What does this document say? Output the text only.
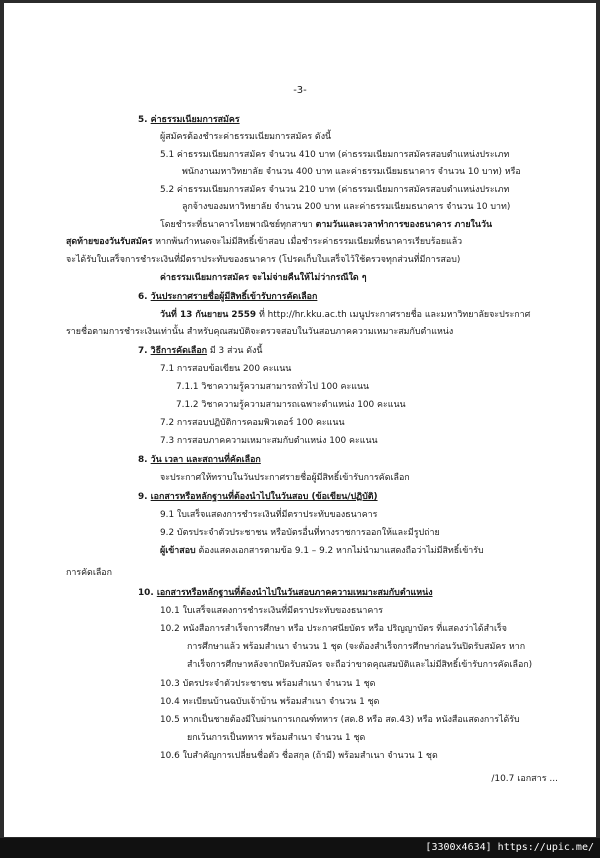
-3-
5. ค่าธรรมเนียมการสมัคร
ผู้สมัครต้องชำระค่าธรรมเนียมการสมัคร ดังนี้
5.1 ค่าธรรมเนียมการสมัคร จำนวน 410 บาท (ค่าธรรมเนียมการสมัครสอบตำแหน่งประเภท
พนักงานมหาวิทยาลัย จำนวน 400 บาท และค่าธรรมเนียมธนาคาร จำนวน 10 บาท) หรือ
5.2 ค่าธรรมเนียมการสมัคร จำนวน 210 บาท (ค่าธรรมเนียมการสมัครสอบตำแหน่งประเภท
ลูกจ้างของมหาวิทยาลัย จำนวน 200 บาท และค่าธรรมเนียมธนาคาร จำนวน 10 บาท)
โดยชำระที่ธนาคารไทยพาณิชย์ทุกสาขา ตามวันและเวลาทำการของธนาคาร ภายในวัน
สุดท้ายของวันรับสมัคร หากพ้นกำหนดจะไม่มีสิทธิ์เข้าสอบ เมื่อชำระค่าธรรมเนียมที่ธนาคารเรียบร้อยแล้ว
จะได้รับใบเสร็จการชำระเงินที่มีตราประทับของธนาคาร (โปรดเก็บใบเสร็จไว้ใช้ตรวจทุกส่วนที่มีการสอบ)
ค่าธรรมเนียมการสมัคร จะไม่จ่ายคืนให้ไม่ว่ากรณีใด ๆ
6. วันประกาศรายชื่อผู้มีสิทธิ์เข้ารับการคัดเลือก
วันที่ 13 กันยายน 2559 ที่ http://hr.kku.ac.th เมนูประกาศรายชื่อ และมหาวิทยาลัยจะประกาศ
รายชื่อตามการชำระเงินเท่านั้น สำหรับคุณสมบัติจะตรวจสอบในวันสอบภาคความเหมาะสมกับตำแหน่ง
7. วิธีการคัดเลือก มี 3 ส่วน ดังนี้
7.1 การสอบข้อเขียน 200 คะแนน
7.1.1 วิชาความรู้ความสามารถทั่วไป 100 คะแนน
7.1.2 วิชาความรู้ความสามารถเฉพาะตำแหน่ง 100 คะแนน
7.2 การสอบปฏิบัติการคอมพิวเตอร์ 100 คะแนน
7.3 การสอบภาคความเหมาะสมกับตำแหน่ง 100 คะแนน
8. วัน เวลา และสถานที่คัดเลือก
จะประกาศให้ทราบในวันประกาศรายชื่อผู้มีสิทธิ์เข้ารับการคัดเลือก
9. เอกสารหรือหลักฐานที่ต้องนำไปในวันสอบ (ข้อเขียน/ปฏิบัติ)
9.1 ใบเสร็จแสดงการชำระเงินที่มีตราประทับของธนาคาร
9.2 บัตรประจำตัวประชาชน หรือบัตรอื่นที่ทางราชการออกให้และมีรูปถ่าย
ผู้เข้าสอบ ต้องแสดงเอกสารตามข้อ 9.1 – 9.2 หากไม่นำมาแสดงถือว่าไม่มีสิทธิ์เข้ารับ
การคัดเลือก
10. เอกสารหรือหลักฐานที่ต้องนำไปในวันสอบภาคความเหมาะสมกับตำแหน่ง
10.1 ใบเสร็จแสดงการชำระเงินที่มีตราประทับของธนาคาร
10.2 หนังสือการสำเร็จการศึกษา หรือ ประกาศนียบัตร หรือ ปริญญาบัตร ที่แสดงว่าได้สำเร็จ
การศึกษาแล้ว พร้อมสำเนา จำนวน 1 ชุด (จะต้องสำเร็จการศึกษาก่อนวันปิดรับสมัคร หาก
สำเร็จการศึกษาหลังจากปิดรับสมัคร จะถือว่าขาดคุณสมบัติและไม่มีสิทธิ์เข้ารับการคัดเลือก)
10.3 บัตรประจำตัวประชาชน พร้อมสำเนา จำนวน 1 ชุด
10.4 ทะเบียนบ้านฉบับเจ้าบ้าน พร้อมสำเนา จำนวน 1 ชุด
10.5 หากเป็นชายต้องมีใบผ่านการเกณฑ์ทหาร (สด.8 หรือ สด.43) หรือ หนังสือแสดงการได้รับ
ยกเว้นการเป็นทหาร พร้อมสำเนา จำนวน 1 ชุด
10.6 ใบสำคัญการเปลี่ยนชื่อตัว ชื่อสกุล (ถ้ามี) พร้อมสำเนา จำนวน 1 ชุด
/10.7 เอกสาร ...
[3300x4634] https://upic.me/
